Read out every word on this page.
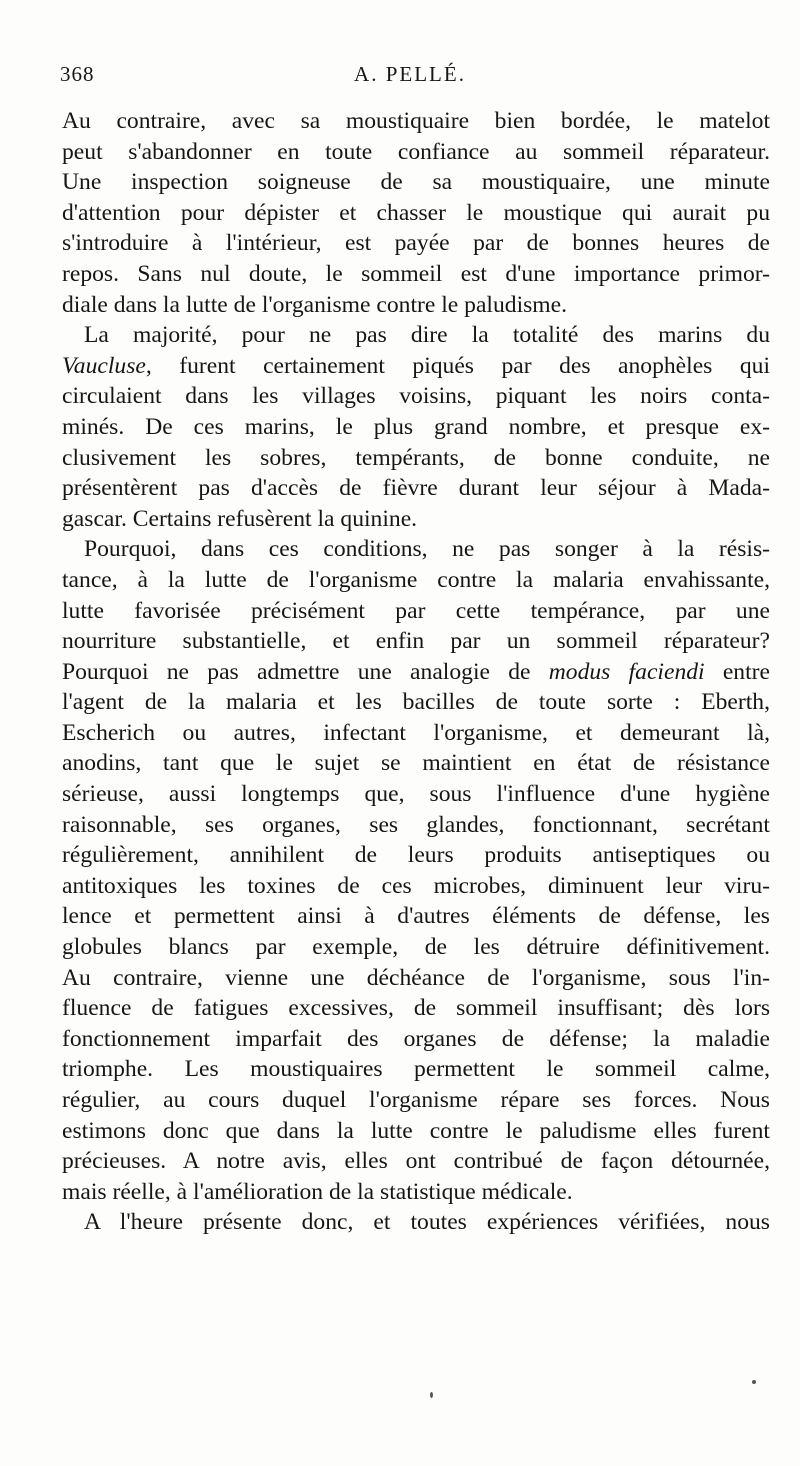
368	A. PELLÉ.
Au contraire, avec sa moustiquaire bien bordée, le matelot
peut s'abandonner en toute confiance au sommeil réparateur.
Une inspection soigneuse de sa moustiquaire, une minute
d'attention pour dépister et chasser le moustique qui aurait pu
s'introduire à l'intérieur, est payée par de bonnes heures de
repos. Sans nul doute, le sommeil est d'une importance primor-
diale dans la lutte de l'organisme contre le paludisme.
La majorité, pour ne pas dire la totalité des marins du
Vaucluse, furent certainement piqués par des anophèles qui
circulaient dans les villages voisins, piquant les noirs conta-
minés. De ces marins, le plus grand nombre, et presque ex-
clusivement les sobres, tempérants, de bonne conduite, ne
présentèrent pas d'accès de fièvre durant leur séjour à Mada-
gascar. Certains refusèrent la quinine.
Pourquoi, dans ces conditions, ne pas songer à la résis-
tance, à la lutte de l'organisme contre la malaria envahissante,
lutte favorisée précisément par cette tempérance, par une
nourriture substantielle, et enfin par un sommeil réparateur?
Pourquoi ne pas admettre une analogie de modus faciendi entre
l'agent de la malaria et les bacilles de toute sorte : Eberth,
Escherich ou autres, infectant l'organisme, et demeurant là,
anodins, tant que le sujet se maintient en état de résistance
sérieuse, aussi longtemps que, sous l'influence d'une hygiène
raisonnable, ses organes, ses glandes, fonctionnant, secrétant
régulièrement, annihilent de leurs produits antiseptiques ou
antitoxiques les toxines de ces microbes, diminuent leur viru-
lence et permettent ainsi à d'autres éléments de défense, les
globules blancs par exemple, de les détruire définitivement.
Au contraire, vienne une déchéance de l'organisme, sous l'in-
fluence de fatigues excessives, de sommeil insuffisant; dès lors
fonctionnement imparfait des organes de défense; la maladie
triomphe. Les moustiquaires permettent le sommeil calme,
régulier, au cours duquel l'organisme répare ses forces. Nous
estimons donc que dans la lutte contre le paludisme elles furent
précieuses. A notre avis, elles ont contribué de façon détournée,
mais réelle, à l'amélioration de la statistique médicale.
A l'heure présente donc, et toutes expériences vérifiées, nous
